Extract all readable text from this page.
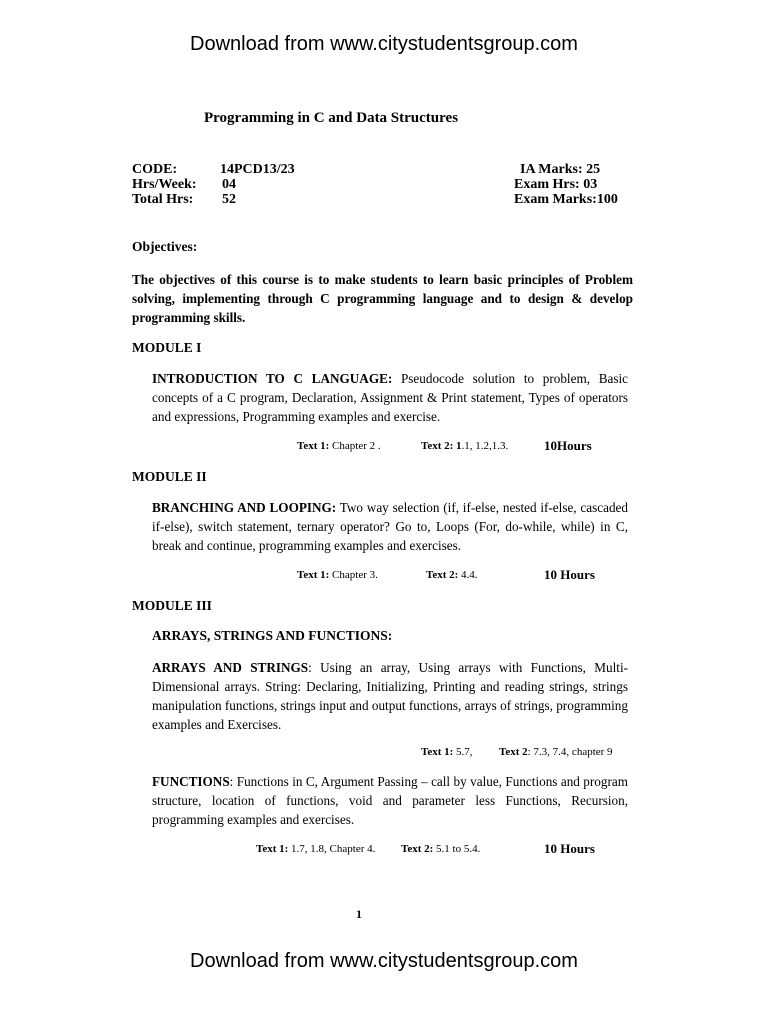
Download from www.citystudentsgroup.com
Programming in C and Data Structures
CODE:	14PCD13/23
Hrs/Week: 04
Total Hrs: 52
IA Marks: 25
Exam Hrs: 03
Exam Marks:100
Objectives:
The objectives of this course is to make students to learn basic principles of Problem solving, implementing through C programming language and to design & develop programming skills.
MODULE I
INTRODUCTION TO C LANGUAGE: Pseudocode solution to problem, Basic concepts of a C program, Declaration, Assignment & Print statement, Types of operators and expressions, Programming examples and exercise.
Text 1: Chapter 2 .	Text 2: 1.1, 1.2,1.3.	10Hours
MODULE II
BRANCHING AND LOOPING: Two way selection (if, if-else, nested if-else, cascaded if-else), switch statement, ternary operator? Go to, Loops (For, do-while, while) in C, break and continue, programming examples and exercises.
Text 1: Chapter 3.	Text 2: 4.4.	10 Hours
MODULE III
ARRAYS, STRINGS AND FUNCTIONS:
ARRAYS AND STRINGS: Using an array, Using arrays with Functions, Multi-Dimensional arrays. String: Declaring, Initializing, Printing and reading strings, strings manipulation functions, strings input and output functions, arrays of strings, programming examples and Exercises.
Text 1: 5.7, Text 2: 7.3, 7.4, chapter 9
FUNCTIONS: Functions in C, Argument Passing – call by value, Functions and program structure, location of functions, void and parameter less Functions, Recursion, programming examples and exercises.
Text 1: 1.7, 1.8, Chapter 4. Text 2: 5.1 to 5.4.	10 Hours
1
Download from www.citystudentsgroup.com
